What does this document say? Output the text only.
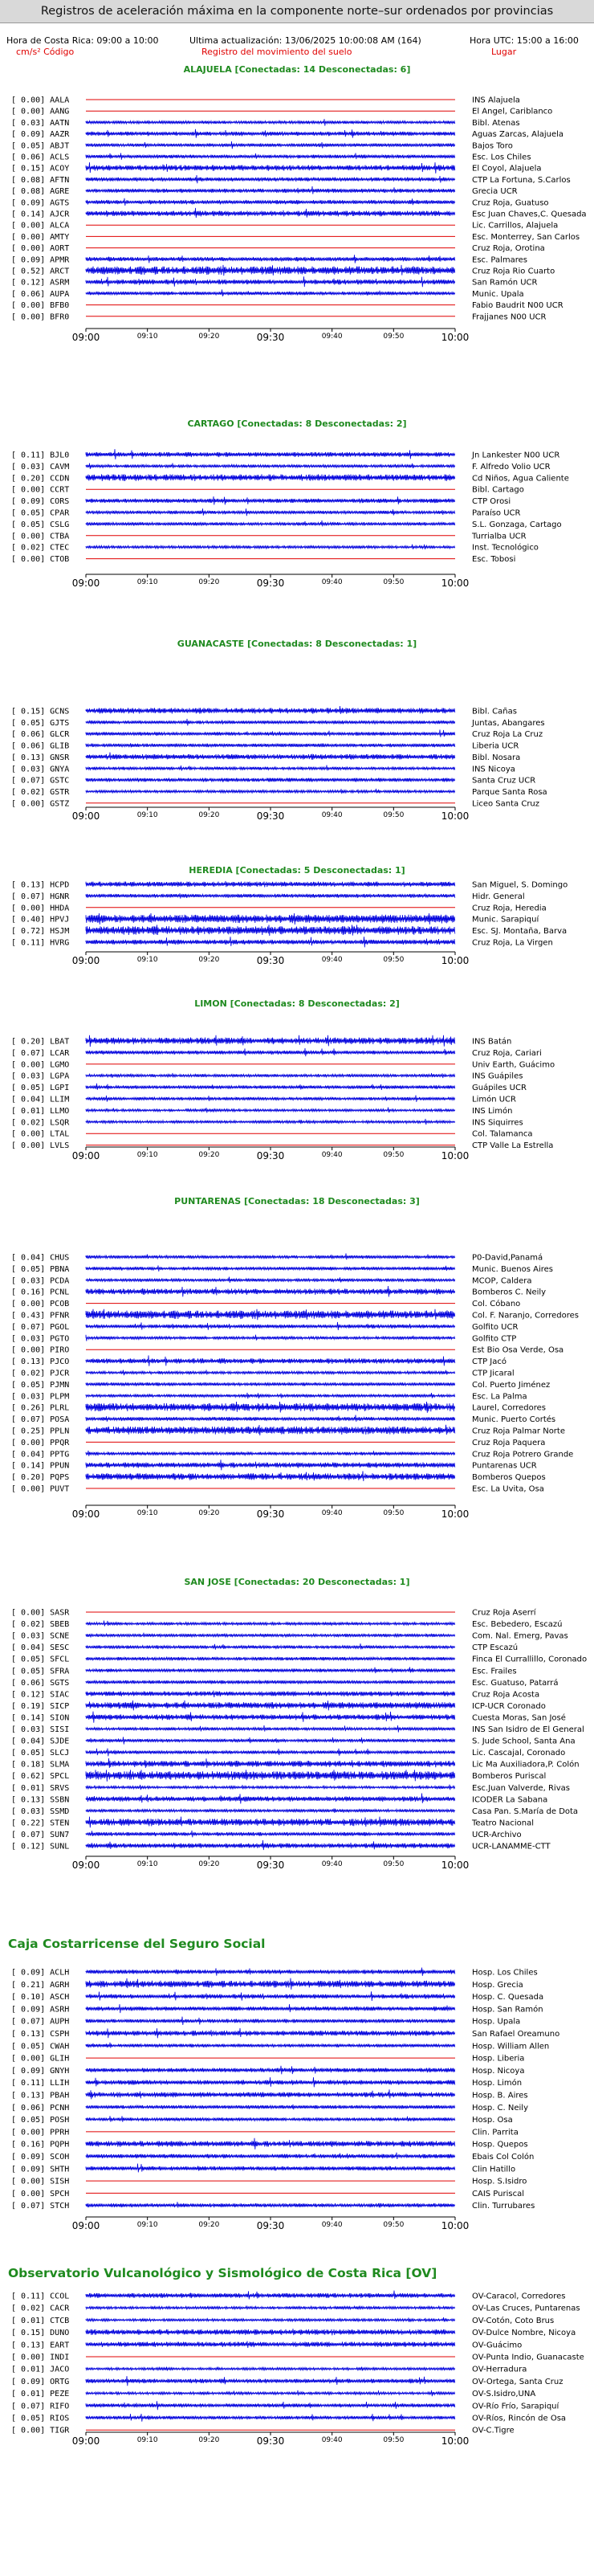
Registros de aceleración máxima en la componente norte–sur ordenados por provincias
Hora de Costa Rica: 09:00 a 10:00	Ultima actualización: 13/06/2025 10:00:08 AM (164)	Hora UTC: 15:00 a 16:00
cm/s² Código	Registro del movimiento del suelo	Lugar
ALAJUELA [Conectadas: 14 Desconectadas: 6]
CARTAGO [Conectadas: 8 Desconectadas: 2]
GUANACASTE [Conectadas: 8 Desconectadas: 1]
HEREDIA [Conectadas: 5 Desconectadas: 1]
LIMON [Conectadas: 8 Desconectadas: 2]
PUNTARENAS [Conectadas: 18 Desconectadas: 3]
SAN JOSE [Conectadas: 20 Desconectadas: 1]
Caja Costarricense del Seguro Social
Observatorio Vulcanológico y Sismológico de Costa Rica [OV]
[ 0.00] AALA	INS Alajuela
[ 0.00] AANG	El Angel, Cariblanco
[ 0.03] AATN	Bibl. Atenas
[ 0.09] AAZR	Aguas Zarcas, Alajuela
[ 0.05] ABJT	Bajos Toro
[ 0.06] ACLS	Esc. Los Chiles
[ 0.15] ACOY	El Coyol, Alajuela
[ 0.08] AFTN	CTP La Fortuna, S.Carlos
[ 0.08] AGRE	Grecia UCR
[ 0.09] AGTS	Cruz Roja, Guatuso
[ 0.14] AJCR	Esc Juan Chaves,C. Quesada
[ 0.00] ALCA	Lic. Carrillos, Alajuela
[ 0.00] AMTY	Esc. Monterrey, San Carlos
[ 0.00] AORT	Cruz Roja, Orotina
[ 0.09] APMR	Esc. Palmares
[ 0.52] ARCT	Cruz Roja Rio Cuarto
[ 0.12] ASRM	San Ramón UCR
[ 0.06] AUPA	Munic. Upala
[ 0.00] BFB0	Fabio Baudrit N00 UCR
[ 0.00] BFR0	Frajjanes N00 UCR
09:00	09:10	09:20	09:30	09:40	09:50	10:00
[ 0.11] BJL0	Jn Lankester N00 UCR
[ 0.03] CAVM	F. Alfredo Volio UCR
[ 0.20] CCDN	Cd Niños, Agua Caliente
[ 0.00] CCRT	Bibl. Cartago
[ 0.09] CORS	CTP Orosi
[ 0.05] CPAR	Paraíso UCR
[ 0.05] CSLG	S.L. Gonzaga, Cartago
[ 0.00] CTBA	Turrialba UCR
[ 0.02] CTEC	Inst. Tecnológico
[ 0.00] CTOB	Esc. Tobosi
09:00	09:10	09:20	09:30	09:40	09:50	10:00
[ 0.15] GCNS	Bibl. Cañas
[ 0.05] GJTS	Juntas, Abangares
[ 0.06] GLCR	Cruz Roja La Cruz
[ 0.06] GLIB	Liberia UCR
[ 0.13] GNSR	Bibl. Nosara
[ 0.03] GNYA	INS Nicoya
[ 0.07] GSTC	Santa Cruz UCR
[ 0.02] GSTR	Parque Santa Rosa
[ 0.00] GSTZ	Liceo Santa Cruz
09:00	09:10	09:20	09:30	09:40	09:50	10:00
[ 0.13] HCPD	San Miguel, S. Domingo
[ 0.07] HGNR	Hidr. General
[ 0.00] HHDA	Cruz Roja, Heredia
[ 0.40] HPVJ	Munic. Sarapiquí
[ 0.72] HSJM	Esc. SJ. Montaña, Barva
[ 0.11] HVRG	Cruz Roja, La Virgen
09:00	09:10	09:20	09:30	09:40	09:50	10:00
[ 0.20] LBAT	INS Batán
[ 0.07] LCAR	Cruz Roja, Cariari
[ 0.00] LGMO	Univ Earth, Guácimo
[ 0.03] LGPA	INS Guápiles
[ 0.05] LGPI	Guápiles UCR
[ 0.04] LLIM	Limón UCR
[ 0.01] LLMO	INS Limón
[ 0.02] LSQR	INS Siquirres
[ 0.00] LTAL	Col. Talamanca
[ 0.00] LVLS	CTP Valle La Estrella
09:00	09:10	09:20	09:30	09:40	09:50	10:00
[ 0.04] CHUS	P0-David,Panamá
[ 0.05] PBNA	Munic. Buenos Aires
[ 0.03] PCDA	MCOP, Caldera
[ 0.16] PCNL	Bomberos C. Neily
[ 0.00] PCOB	Col. Cóbano
[ 0.43] PFNR	Col. F. Naranjo, Corredores
[ 0.07] PGOL	Golfito UCR
[ 0.03] PGTO	Golfito CTP
[ 0.00] PIRO	Est Bio Osa Verde, Osa
[ 0.13] PJCO	CTP Jacó
[ 0.02] PJCR	CTP Jicaral
[ 0.05] PJMN	Col. Puerto Jiménez
[ 0.03] PLPM	Esc. La Palma
[ 0.26] PLRL	Laurel, Corredores
[ 0.07] POSA	Munic. Puerto Cortés
[ 0.25] PPLN	Cruz Roja Palmar Norte
[ 0.00] PPQR	Cruz Roja Paquera
[ 0.04] PPTG	Cruz Roja Potrero Grande
[ 0.14] PPUN	Puntarenas UCR
[ 0.20] PQPS	Bomberos Quepos
[ 0.00] PUVT	Esc. La Uvita, Osa
09:00	09:10	09:20	09:30	09:40	09:50	10:00
[ 0.00] SASR	Cruz Roja Aserrí
[ 0.02] SBEB	Esc. Bebedero, Escazú
[ 0.03] SCNE	Com. Nal. Emerg, Pavas
[ 0.04] SESC	CTP Escazú
[ 0.05] SFCL	Finca El Currallillo, Coronado
[ 0.05] SFRA	Esc. Frailes
[ 0.06] SGTS	Esc. Guatuso, Patarrá
[ 0.12] SIAC	Cruz Roja Acosta
[ 0.19] SICP	ICP-UCR Coronado
[ 0.14] SION	Cuesta Moras, San José
[ 0.03] SISI	INS San Isidro de El General
[ 0.04] SJDE	S. Jude School, Santa Ana
[ 0.05] SLCJ	Lic. Cascajal, Coronado
[ 0.18] SLMA	Lic Ma Auxiliadora,P. Colón
[ 0.62] SPCL	Bomberos Puriscal
[ 0.01] SRVS	Esc.Juan Valverde, Rivas
[ 0.13] SSBN	ICODER La Sabana
[ 0.03] SSMD	Casa Pan. S.María de Dota
[ 0.22] STEN	Teatro Nacional
[ 0.07] SUN7	UCR-Archivo
[ 0.12] SUNL	UCR-LANAMME-CTT
09:00	09:10	09:20	09:30	09:40	09:50	10:00
[ 0.09] ACLH	Hosp. Los Chiles
[ 0.21] AGRH	Hosp. Grecia
[ 0.10] ASCH	Hosp. C. Quesada
[ 0.09] ASRH	Hosp. San Ramón
[ 0.07] AUPH	Hosp. Upala
[ 0.13] CSPH	San Rafael Oreamuno
[ 0.05] CWAH	Hosp. William Allen
[ 0.00] GLIH	Hosp. Liberia
[ 0.09] GNYH	Hosp. Nicoya
[ 0.11] LLIH	Hosp. Limón
[ 0.13] PBAH	Hosp. B. Aires
[ 0.06] PCNH	Hosp. C. Neily
[ 0.05] POSH	Hosp. Osa
[ 0.00] PPRH	Clin. Parrita
[ 0.16] PQPH	Hosp. Quepos
[ 0.09] SCOH	Ebais Col Colón
[ 0.09] SHTH	Clin Hatillo
[ 0.00] SISH	Hosp. S.Isidro
[ 0.00] SPCH	CAIS Puriscal
[ 0.07] STCH	Clin. Turrubares
09:00	09:10	09:20	09:30	09:40	09:50	10:00
[ 0.11] CCOL	OV-Caracol, Corredores
[ 0.02] CACR	OV-Las Cruces, Puntarenas
[ 0.01] CTCB	OV-Cotón, Coto Brus
[ 0.15] DUNO	OV-Dulce Nombre, Nicoya
[ 0.13] EART	OV-Guácimo
[ 0.00] INDI	OV-Punta Indio, Guanacaste
[ 0.01] JACO	OV-Herradura
[ 0.09] ORTG	OV-Ortega, Santa Cruz
[ 0.01] PEZE	OV-S.Isidro,UNA
[ 0.07] RIFO	OV-Río Frío, Sarapiquí
[ 0.05] RIOS	OV-Ríos, Rincón de Osa
[ 0.00] TIGR	OV-C.Tigre
09:00	09:10	09:20	09:30	09:40	09:50	10:00
